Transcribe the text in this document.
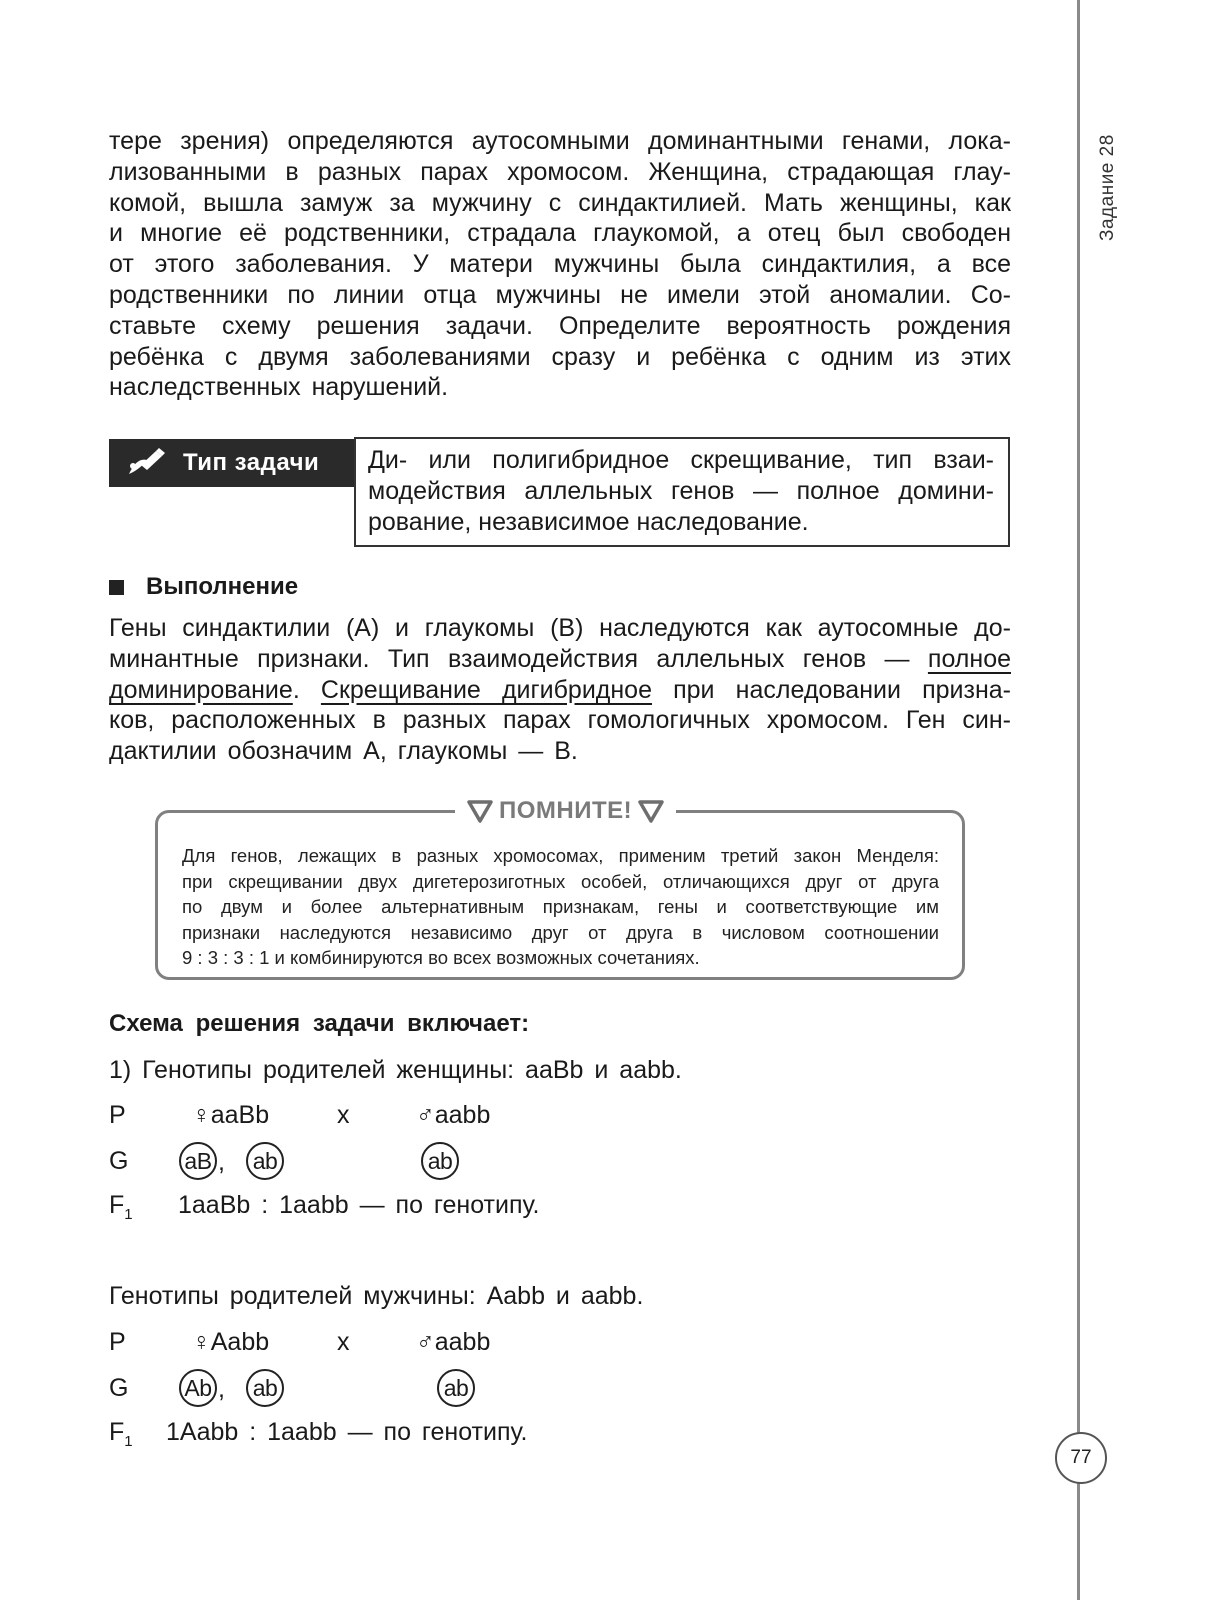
Задание 28
77
тере зрения) определяются аутосомными доминантными генами, лока-
лизованными в разных парах хромосом. Женщина, страдающая глау-
комой, вышла замуж за мужчину с синдактилией. Мать женщины, как
и многие её родственники, страдала глаукомой, а отец был свободен
от этого заболевания. У матери мужчины была синдактилия, а все
родственники по линии отца мужчины не имели этой аномалии. Со-
ставьте схему решения задачи. Определите вероятность рождения
ребёнка с двумя заболеваниями сразу и ребёнка с одним из этих
наследственных нарушений.
Тип задачи Ди- или полигибридное скрещивание, тип взаи-
модействия аллельных генов — полное домини-
рование, независимое наследование.
Выполнение
Гены синдактилии (А) и глаукомы (В) наследуются как аутосомные до-
минантные признаки. Тип взаимодействия аллельных генов — полное
доминирование. Скрещивание дигибридное при наследовании призна-
ков, расположенных в разных парах гомологичных хромосом. Ген син-
дактилии обозначим А, глаукомы — В.
ПОМНИТЕ!
Для генов, лежащих в разных хромосомах, применим третий закон Менделя:
при скрещивании двух дигетерозиготных особей, отличающихся друг от друга
по двум и более альтернативным признакам, гены и соответствующие им
признаки наследуются независимо друг от друга в числовом соотношении
9 : 3 : 3 : 1 и комбинируются во всех возможных сочетаниях.
Схема решения задачи включает:
1) Генотипы родителей женщины: ааBb и aabb.
P	♀ааBb	x	♂aabb
G aB , ab	ab
$F_1$ 1ааBb : 1aabb — по генотипу.
Генотипы родителей мужчины: Aabb и aabb.
P	♀Aabb	x	♂aabb
G Ab , ab	ab
$F_1$ 1Aabb : 1aabb — по генотипу.
